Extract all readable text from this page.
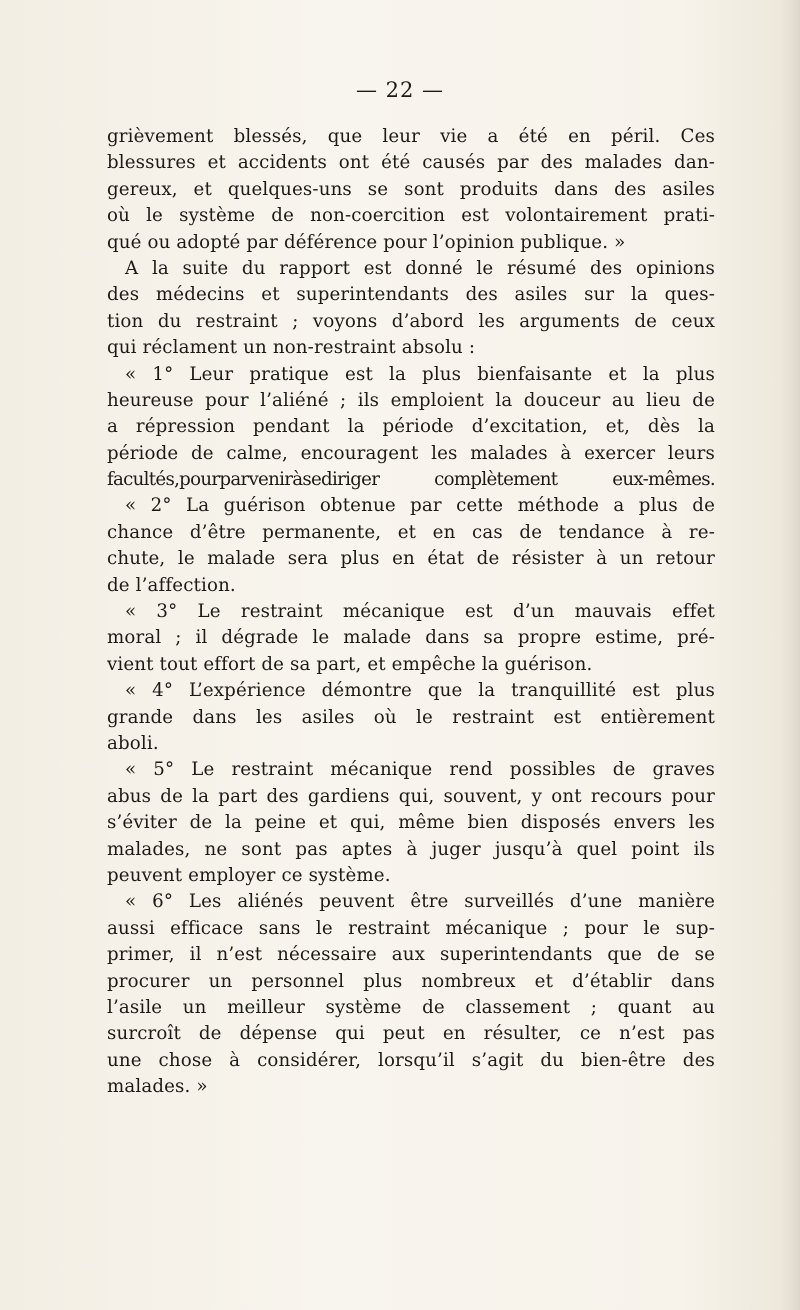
— 22 —
grièvement blessés, que leur vie a été en péril. Ces
blessures et accidents ont été causés par des malades dan-
gereux, et quelques-uns se sont produits dans des asiles
où le système de non-coercition est volontairement prati-
qué ou adopté par déférence pour l’opinion publique. »
A la suite du rapport est donné le résumé des opinions
des médecins et superintendants des asiles sur la ques-
tion du restraint ; voyons d’abord les arguments de ceux
qui réclament un non-restraint absolu :
« 1° Leur pratique est la plus bienfaisante et la plus
heureuse pour l’aliéné ; ils emploient la douceur au lieu de
a répression pendant la période d’excitation, et, dès la
période de calme, encouragent les malades à exercer leurs
facultés,pourparveniràsediriger complètement eux-mêmes.
« 2° La guérison obtenue par cette méthode a plus de
chance d’être permanente, et en cas de tendance à re-
chute, le malade sera plus en état de résister à un retour
de l’affection.
« 3° Le restraint mécanique est d’un mauvais effet
moral ; il dégrade le malade dans sa propre estime, pré-
vient tout effort de sa part, et empêche la guérison.
« 4° L’expérience démontre que la tranquillité est plus
grande dans les asiles où le restraint est entièrement
aboli.
« 5° Le restraint mécanique rend possibles de graves
abus de la part des gardiens qui, souvent, y ont recours pour
s’éviter de la peine et qui, même bien disposés envers les
malades, ne sont pas aptes à juger jusqu’à quel point ils
peuvent employer ce système.
« 6° Les aliénés peuvent être surveillés d’une manière
aussi efficace sans le restraint mécanique ; pour le sup-
primer, il n’est nécessaire aux superintendants que de se
procurer un personnel plus nombreux et d’établir dans
l’asile un meilleur système de classement ; quant au
surcroît de dépense qui peut en résulter, ce n’est pas
une chose à considérer, lorsqu’il s’agit du bien-être des
malades. »
